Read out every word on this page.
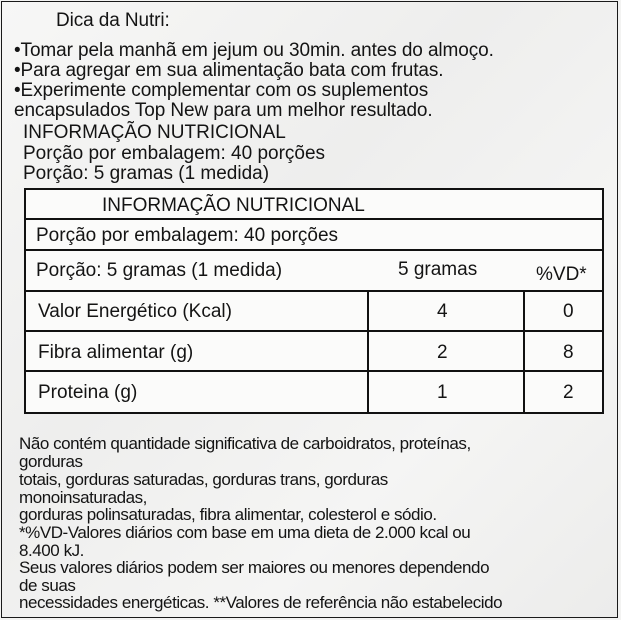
Dica da Nutri:
•Tomar pela manhã em jejum ou 30min. antes do almoço.
•Para agregar em sua alimentação bata com frutas.
•Experimente complementar com os suplementos
encapsulados Top New para um melhor resultado.
INFORMAÇÃO NUTRICIONAL
Porção por embalagem: 40 porções
Porção: 5 gramas (1 medida)
INFORMAÇÃO NUTRICIONAL
Porção por embalagem: 40 porções
Porção: 5 gramas (1 medida)	5 gramas	%VD*
Valor Energético (Kcal)	4	0
Fibra alimentar (g)	2	8
Proteina (g)	1	2
Não contém quantidade significativa de carboidratos, proteínas,
gorduras
totais, gorduras saturadas, gorduras trans, gorduras
monoinsaturadas,
gorduras polinsaturadas, fibra alimentar, colesterol e sódio.
*%VD-Valores diários com base em uma dieta de 2.000 kcal ou
8.400 kJ.
Seus valores diários podem ser maiores ou menores dependendo
de suas
necessidades energéticas. **Valores de referência não estabelecido
